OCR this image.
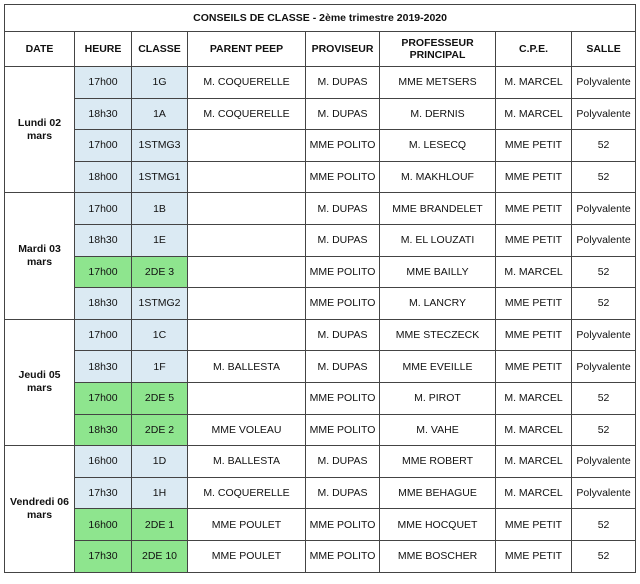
CONSEILS DE CLASSE - 2ème trimestre 2019-2020							
DATE	HEURE	CLASSE	PARENT PEEP	PROVISEUR	PROFESSEUR PRINCIPAL	C.P.E.	SALLE
Lundi 02 mars	17h00	1G	M. COQUERELLE	M. DUPAS	MME METSERS	M. MARCEL	Polyvalente
	18h30	1A	M. COQUERELLE	M. DUPAS	M. DERNIS	M. MARCEL	Polyvalente
	17h00	1STMG3		MME POLITO	M. LESECQ	MME PETIT	52
	18h00	1STMG1		MME POLITO	M. MAKHLOUF	MME PETIT	52
Mardi 03 mars	17h00	1B		M. DUPAS	MME BRANDELET	MME PETIT	Polyvalente
	18h30	1E		M. DUPAS	M. EL LOUZATI	MME PETIT	Polyvalente
	17h00	2DE 3		MME POLITO	MME BAILLY	M. MARCEL	52
	18h30	1STMG2		MME POLITO	M. LANCRY	MME PETIT	52
Jeudi 05 mars	17h00	1C		M. DUPAS	MME STECZECK	MME PETIT	Polyvalente
	18h30	1F	M. BALLESTA	M. DUPAS	MME EVEILLE	MME PETIT	Polyvalente
	17h00	2DE 5		MME POLITO	M. PIROT	M. MARCEL	52
	18h30	2DE 2	MME VOLEAU	MME POLITO	M. VAHE	M. MARCEL	52
Vendredi 06 mars	16h00	1D	M. BALLESTA	M. DUPAS	MME ROBERT	M. MARCEL	Polyvalente
	17h30	1H	M. COQUERELLE	M. DUPAS	MME BEHAGUE	M. MARCEL	Polyvalente
	16h00	2DE 1	MME POULET	MME POLITO	MME HOCQUET	MME PETIT	52
	17h30	2DE 10	MME POULET	MME POLITO	MME BOSCHER	MME PETIT	52
